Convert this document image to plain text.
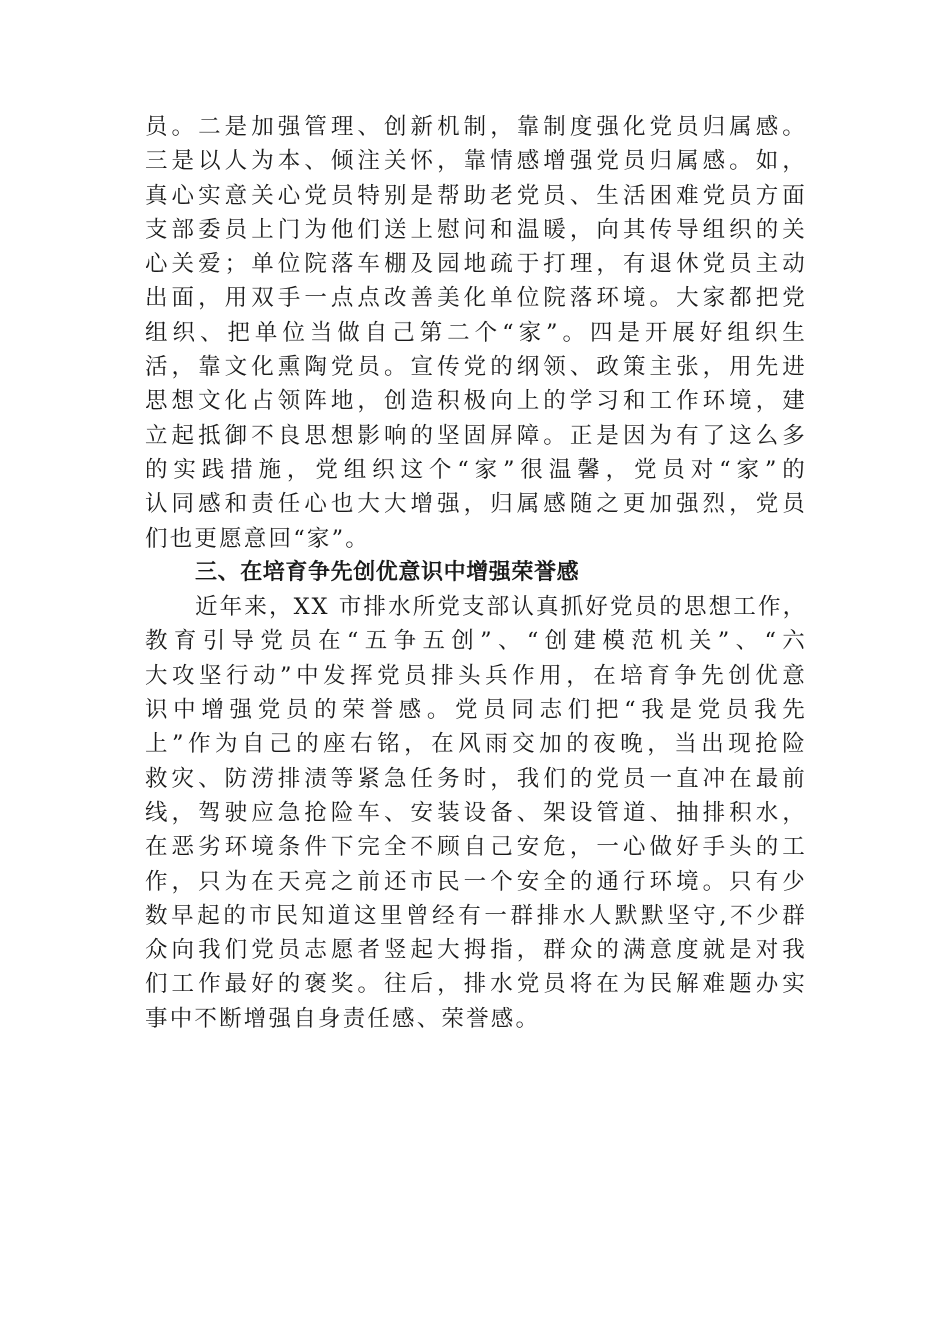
员。二是加强管理、创新机制，靠制度强化党员归属感。
三是以人为本、倾注关怀，靠情感增强党员归属感。如，
真心实意关心党员特别是帮助老党员、生活困难党员方面
支部委员上门为他们送上慰问和温暖，向其传导组织的关
心关爱；单位院落车棚及园地疏于打理，有退休党员主动
出面，用双手一点点改善美化单位院落环境。大家都把党
组织、把单位当做自己第二个“家”。四是开展好组织生
活，靠文化熏陶党员。宣传党的纲领、政策主张，用先进
思想文化占领阵地，创造积极向上的学习和工作环境，建
立起抵御不良思想影响的坚固屏障。正是因为有了这么多
的实践措施，党组织这个“家”很温馨，党员对“家”的
认同感和责任心也大大增强，归属感随之更加强烈，党员
们也更愿意回“家”。
三、在培育争先创优意识中增强荣誉感
近年来，XX 市排水所党支部认真抓好党员的思想工作，
教育引导党员在“五争五创”、“创建模范机关”、“六
大攻坚行动”中发挥党员排头兵作用，在培育争先创优意
识中增强党员的荣誉感。党员同志们把“我是党员我先
上”作为自己的座右铭，在风雨交加的夜晚，当出现抢险
救灾、防涝排渍等紧急任务时，我们的党员一直冲在最前
线，驾驶应急抢险车、安装设备、架设管道、抽排积水，
在恶劣环境条件下完全不顾自己安危，一心做好手头的工
作，只为在天亮之前还市民一个安全的通行环境。只有少
数早起的市民知道这里曾经有一群排水人默默坚守,不少群
众向我们党员志愿者竖起大拇指，群众的满意度就是对我
们工作最好的褒奖。往后，排水党员将在为民解难题办实
事中不断增强自身责任感、荣誉感。
